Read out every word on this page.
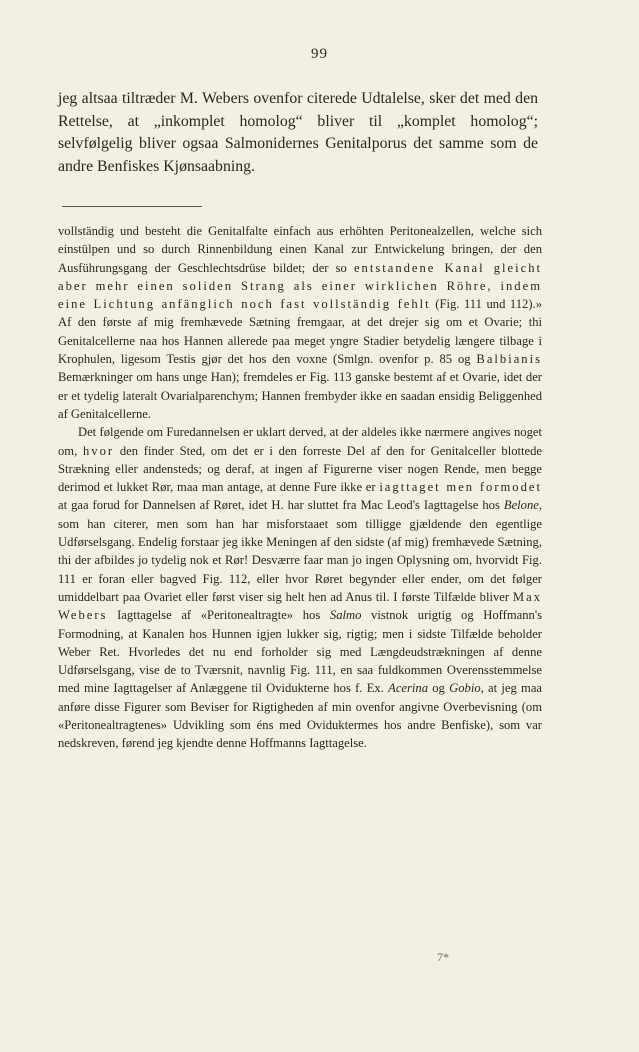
99

jeg altsaa tiltræder M. Webers ovenfor citerede Udtalelse, sker det med den Rettelse, at „inkomplet homolog“ bliver til „komplet homolog“; selvfølgelig bliver ogsaa Salmonidernes Genitalporus det samme som de andre Benfiskes Kjønsaabning.

vollständig und besteht die Genitalfalte einfach aus erhöhten Peritonealzellen, welche sich einstülpen und so durch Rinnenbildung einen Kanal zur Entwickelung bringen, der den Ausführungsgang der Geschlechtsdrüse bildet; der so entstandene Kanal gleicht aber mehr einen soliden Strang als einer wirklichen Röhre, indem eine Lichtung anfänglich noch fast vollständig fehlt (Fig. 111 und 112).» Af den første af mig fremhævede Sætning fremgaar, at det drejer sig om et Ovarie; thi Genitalcellerne naa hos Hannen allerede paa meget yngre Stadier betydelig længere tilbage i Krophulen, ligesom Testis gjør det hos den voxne (Smlgn. ovenfor p. 85 og Balbianis Bemærkninger om hans unge Han); fremdeles er Fig. 113 ganske bestemt af et Ovarie, idet der er et tydelig lateralt Ovarialparenchym; Hannen frembyder ikke en saadan ensidig Beliggenhed af Genitalcellerne.

Det følgende om Furedannelsen er uklart derved, at der aldeles ikke nærmere angives noget om, hvor den finder Sted, om det er i den forreste Del af den for Genitalceller blottede Strækning eller andensteds; og deraf, at ingen af Figurerne viser nogen Rende, men begge derimod et lukket Rør, maa man antage, at denne Fure ikke er iagttaget men formodet at gaa forud for Dannelsen af Røret, idet H. har sluttet fra Mac Leod's Iagttagelse hos Belone, som han citerer, men som han har misforstaaet som tilligge gjældende den egentlige Udførselsgang. Endelig forstaar jeg ikke Meningen af den sidste (af mig) fremhævede Sætning, thi der afbildes jo tydelig nok et Rør! Desværre faar man jo ingen Oplysning om, hvorvidt Fig. 111 er foran eller bagved Fig. 112, eller hvor Røret begynder eller ender, om det følger umiddelbart paa Ovariet eller først viser sig helt hen ad Anus til. I første Tilfælde bliver Max Webers Iagttagelse af «Peritonealtragte» hos Salmo vistnok urigtig og Hoffmann's Formodning, at Kanalen hos Hunnen igjen lukker sig, rigtig; men i sidste Tilfælde beholder Weber Ret. Hvorledes det nu end forholder sig med Længdeudstrækningen af denne Udførselsgang, vise de to Tværsnit, navnlig Fig. 111, en saa fuldkommen Overensstemmelse med mine Iagttagelser af Anlæggene til Ovidukterne hos f. Ex. Acerina og Gobio, at jeg maa anføre disse Figurer som Beviser for Rigtigheden af min ovenfor angivne Overbevisning (om «Peritonealtragtenes» Udvikling som éns med Oviduktermes hos andre Benfiske), som var nedskreven, førend jeg kjendte denne Hoffmanns Iagttagelse.

7*
